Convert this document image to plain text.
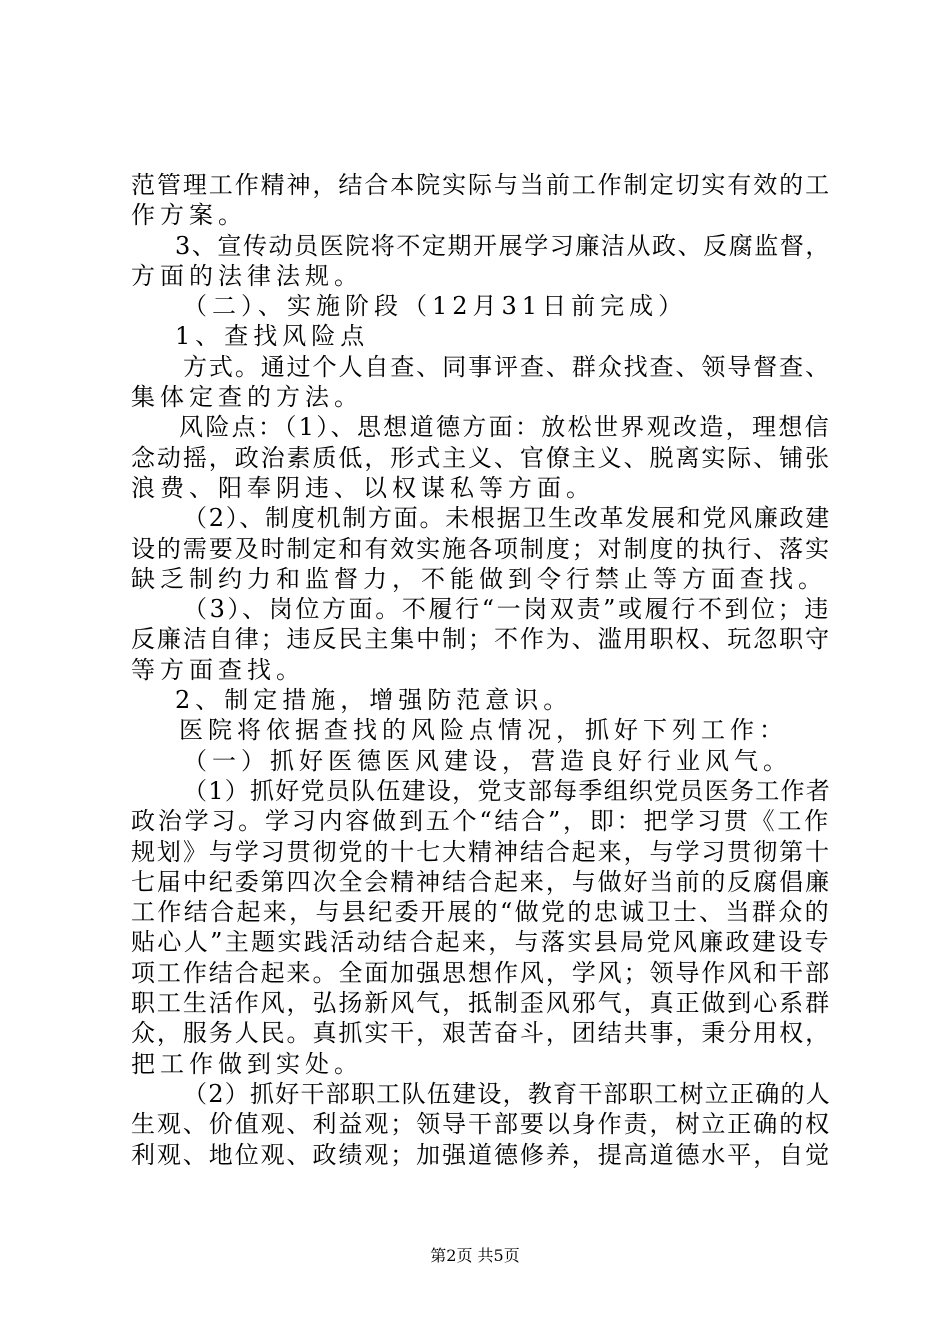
范管理工作精神，结合本院实际与当前工作制定切实有效的工
作方案。
3、宣传动员医院将不定期开展学习廉洁从政、反腐监督，
方面的法律法规。
（二）、实施阶段（12月31日前完成）
1、查找风险点
方式。通过个人自查、同事评查、群众找查、领导督查、
集体定查的方法。
风险点：（1）、思想道德方面：放松世界观改造，理想信
念动摇，政治素质低，形式主义、官僚主义、脱离实际、铺张
浪费、阳奉阴违、以权谋私等方面。
（2）、制度机制方面。未根据卫生改革发展和党风廉政建
设的需要及时制定和有效实施各项制度；对制度的执行、落实
缺乏制约力和监督力，不能做到令行禁止等方面查找。
（3）、岗位方面。不履行“一岗双责”或履行不到位；违
反廉洁自律；违反民主集中制；不作为、滥用职权、玩忽职守
等方面查找。
2、制定措施，增强防范意识。
医院将依据查找的风险点情况，抓好下列工作：
（一）抓好医德医风建设，营造良好行业风气。
（1）抓好党员队伍建设，党支部每季组织党员医务工作者
政治学习。学习内容做到五个“结合”，即：把学习贯《工作
规划》与学习贯彻党的十七大精神结合起来，与学习贯彻第十
七届中纪委第四次全会精神结合起来，与做好当前的反腐倡廉
工作结合起来，与县纪委开展的“做党的忠诚卫士、当群众的
贴心人”主题实践活动结合起来，与落实县局党风廉政建设专
项工作结合起来。全面加强思想作风，学风；领导作风和干部
职工生活作风，弘扬新风气，抵制歪风邪气，真正做到心系群
众，服务人民。真抓实干，艰苦奋斗，团结共事，秉分用权，
把工作做到实处。
（2）抓好干部职工队伍建设，教育干部职工树立正确的人
生观、价值观、利益观；领导干部要以身作责，树立正确的权
利观、地位观、政绩观；加强道德修养，提高道德水平，自觉
第2页 共5页
